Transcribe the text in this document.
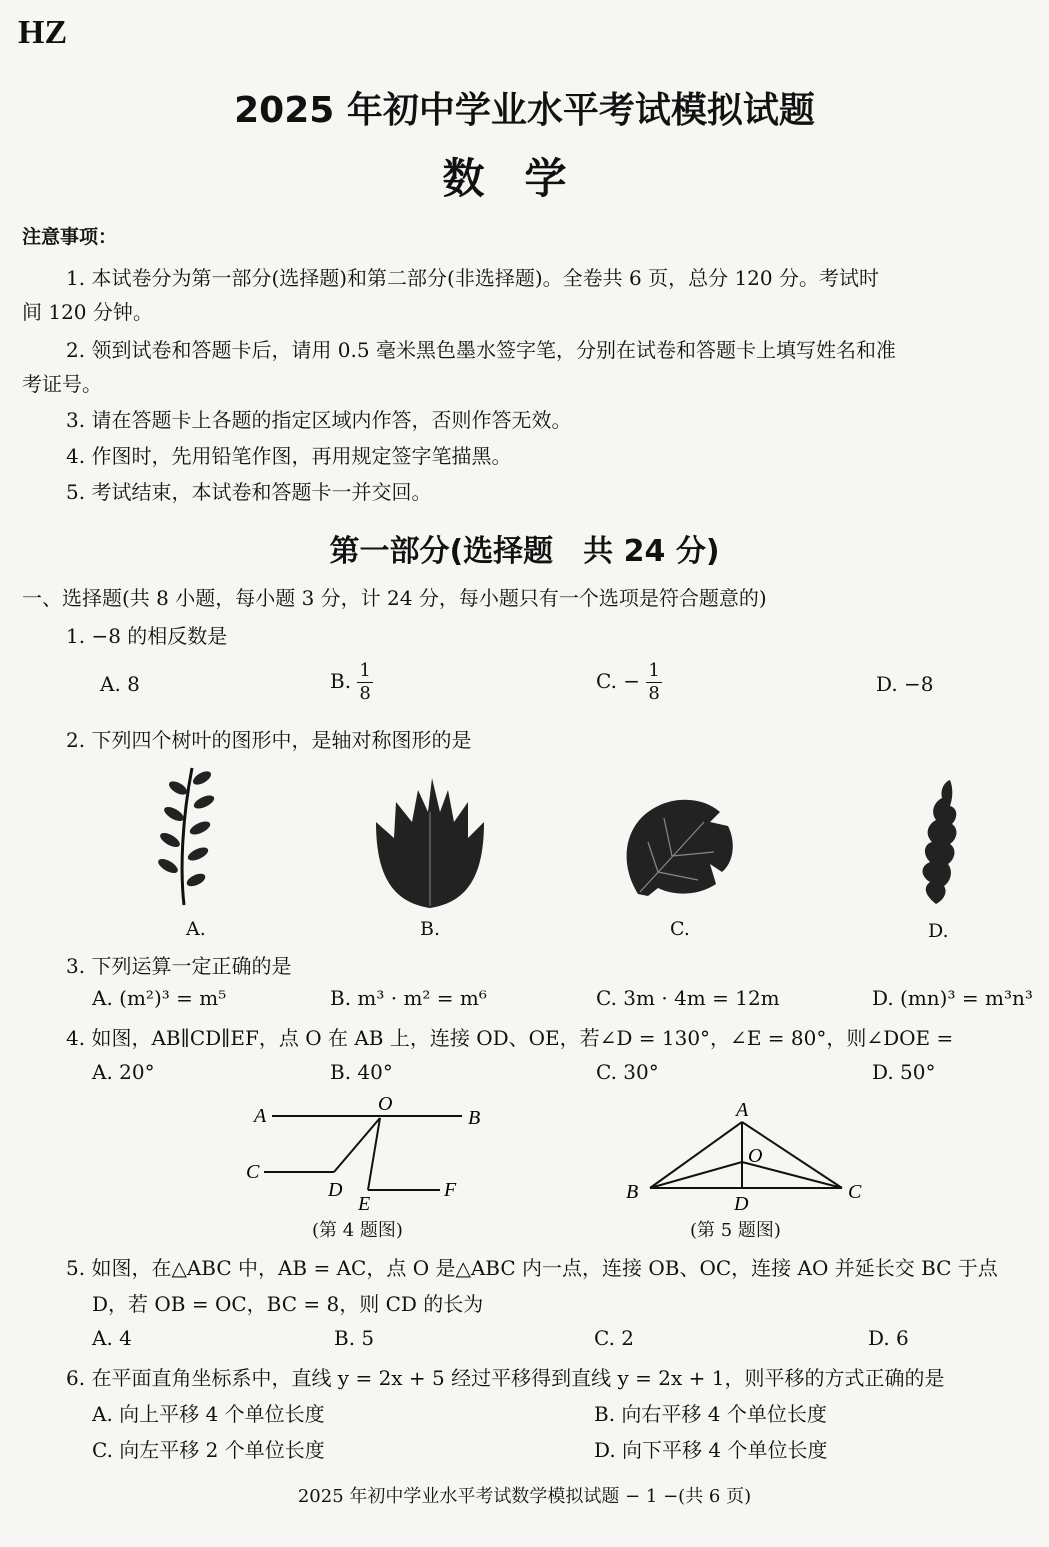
HZ
2025 年初中学业水平考试模拟试题
数学
注意事项：
1. 本试卷分为第一部分(选择题)和第二部分(非选择题)。全卷共 6 页，总分 120 分。考试时
间 120 分钟。
2. 领到试卷和答题卡后，请用 0.5 毫米黑色墨水签字笔，分别在试卷和答题卡上填写姓名和准
考证号。
3. 请在答题卡上各题的指定区域内作答，否则作答无效。
4. 作图时，先用铅笔作图，再用规定签字笔描黑。
5. 考试结束，本试卷和答题卡一并交回。
第一部分(选择题　共 24 分)
一、选择题(共 8 小题，每小题 3 分，计 24 分，每小题只有一个选项是符合题意的)
1. −8 的相反数是
A. 8	B. $\frac{1}{8}$	C. − $\frac{1}{8}$	D. −8
2. 下列四个树叶的图形中，是轴对称图形的是
A.	B.	C.	D.
3. 下列运算一定正确的是
A. (m²)³ = m⁵	B. m³ · m² = m⁶	C. 3m · 4m = 12m	D. (mn)³ = m³n³
4. 如图，AB∥CD∥EF，点 O 在 AB 上，连接 OD、OE，若∠D = 130°，∠E = 80°，则∠DOE =
A. 20°	B. 40°	C. 30°	D. 50°
A
O
B
C
D
E
F
(第 4 题图)
A
O
B
D
C
(第 5 题图)
5. 如图，在△ABC 中，AB = AC，点 O 是△ABC 内一点，连接 OB、OC，连接 AO 并延长交 BC 于点
D，若 OB = OC，BC = 8，则 CD 的长为
A. 4	B. 5	C. 2	D. 6
6. 在平面直角坐标系中，直线 y = 2x + 5 经过平移得到直线 y = 2x + 1，则平移的方式正确的是
A. 向上平移 4 个单位长度	B. 向右平移 4 个单位长度
C. 向左平移 2 个单位长度	D. 向下平移 4 个单位长度
2025 年初中学业水平考试数学模拟试题 − 1 −(共 6 页)
